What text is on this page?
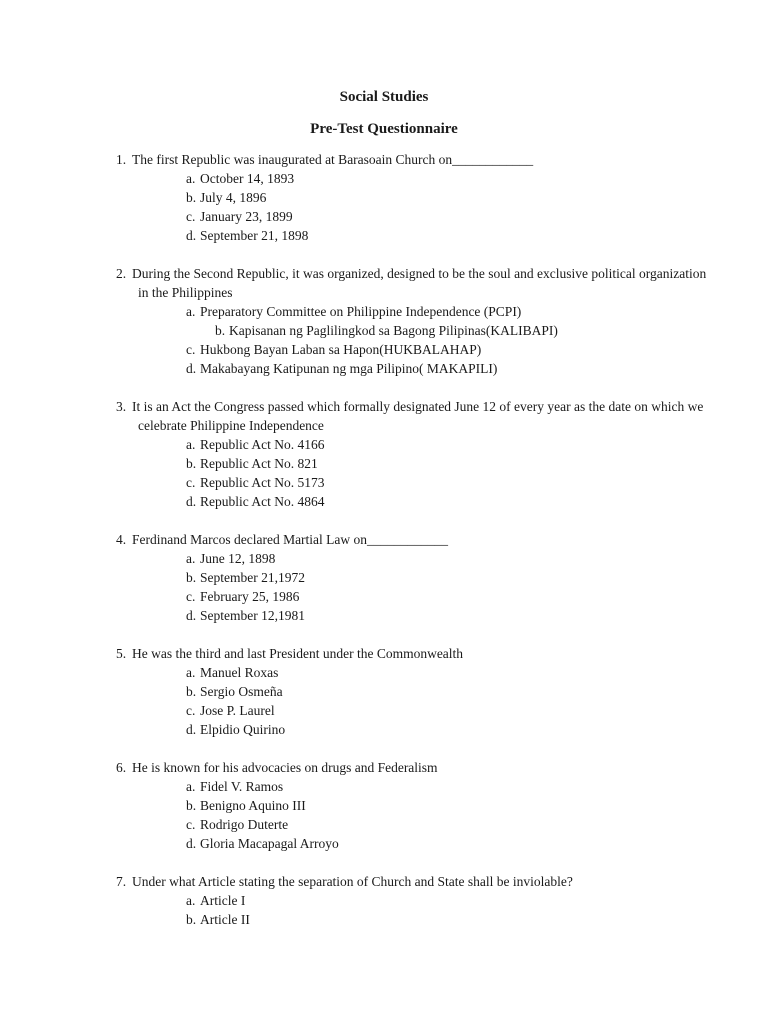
Social Studies
Pre-Test Questionnaire
1. The first Republic was inaugurated at Barasoain Church on____________
a. October 14, 1893
b. July 4, 1896
c. January 23, 1899
d. September 21, 1898
2. During the Second Republic, it was organized, designed to be the soul and exclusive political organization in the Philippines
a. Preparatory Committee on Philippine Independence (PCPI)
b. Kapisanan ng Paglilingkod sa Bagong Pilipinas(KALIBAPI)
c. Hukbong Bayan Laban sa Hapon(HUKBALAHAP)
d. Makabayang Katipunan ng mga Pilipino( MAKAPILI)
3. It is an Act the Congress passed which formally designated June 12 of every year as the date on which we celebrate Philippine Independence
a. Republic Act No. 4166
b. Republic Act No. 821
c. Republic Act No. 5173
d. Republic Act No. 4864
4. Ferdinand Marcos declared Martial Law on____________
a. June 12, 1898
b. September 21,1972
c. February 25, 1986
d. September 12,1981
5. He was the third and last President under the Commonwealth
a. Manuel Roxas
b. Sergio Osmeña
c. Jose P. Laurel
d. Elpidio Quirino
6. He is known for his advocacies on drugs and Federalism
a. Fidel V. Ramos
b. Benigno Aquino III
c. Rodrigo Duterte
d. Gloria Macapagal Arroyo
7. Under what Article stating the separation of Church and State shall be inviolable?
a. Article I
b. Article II
